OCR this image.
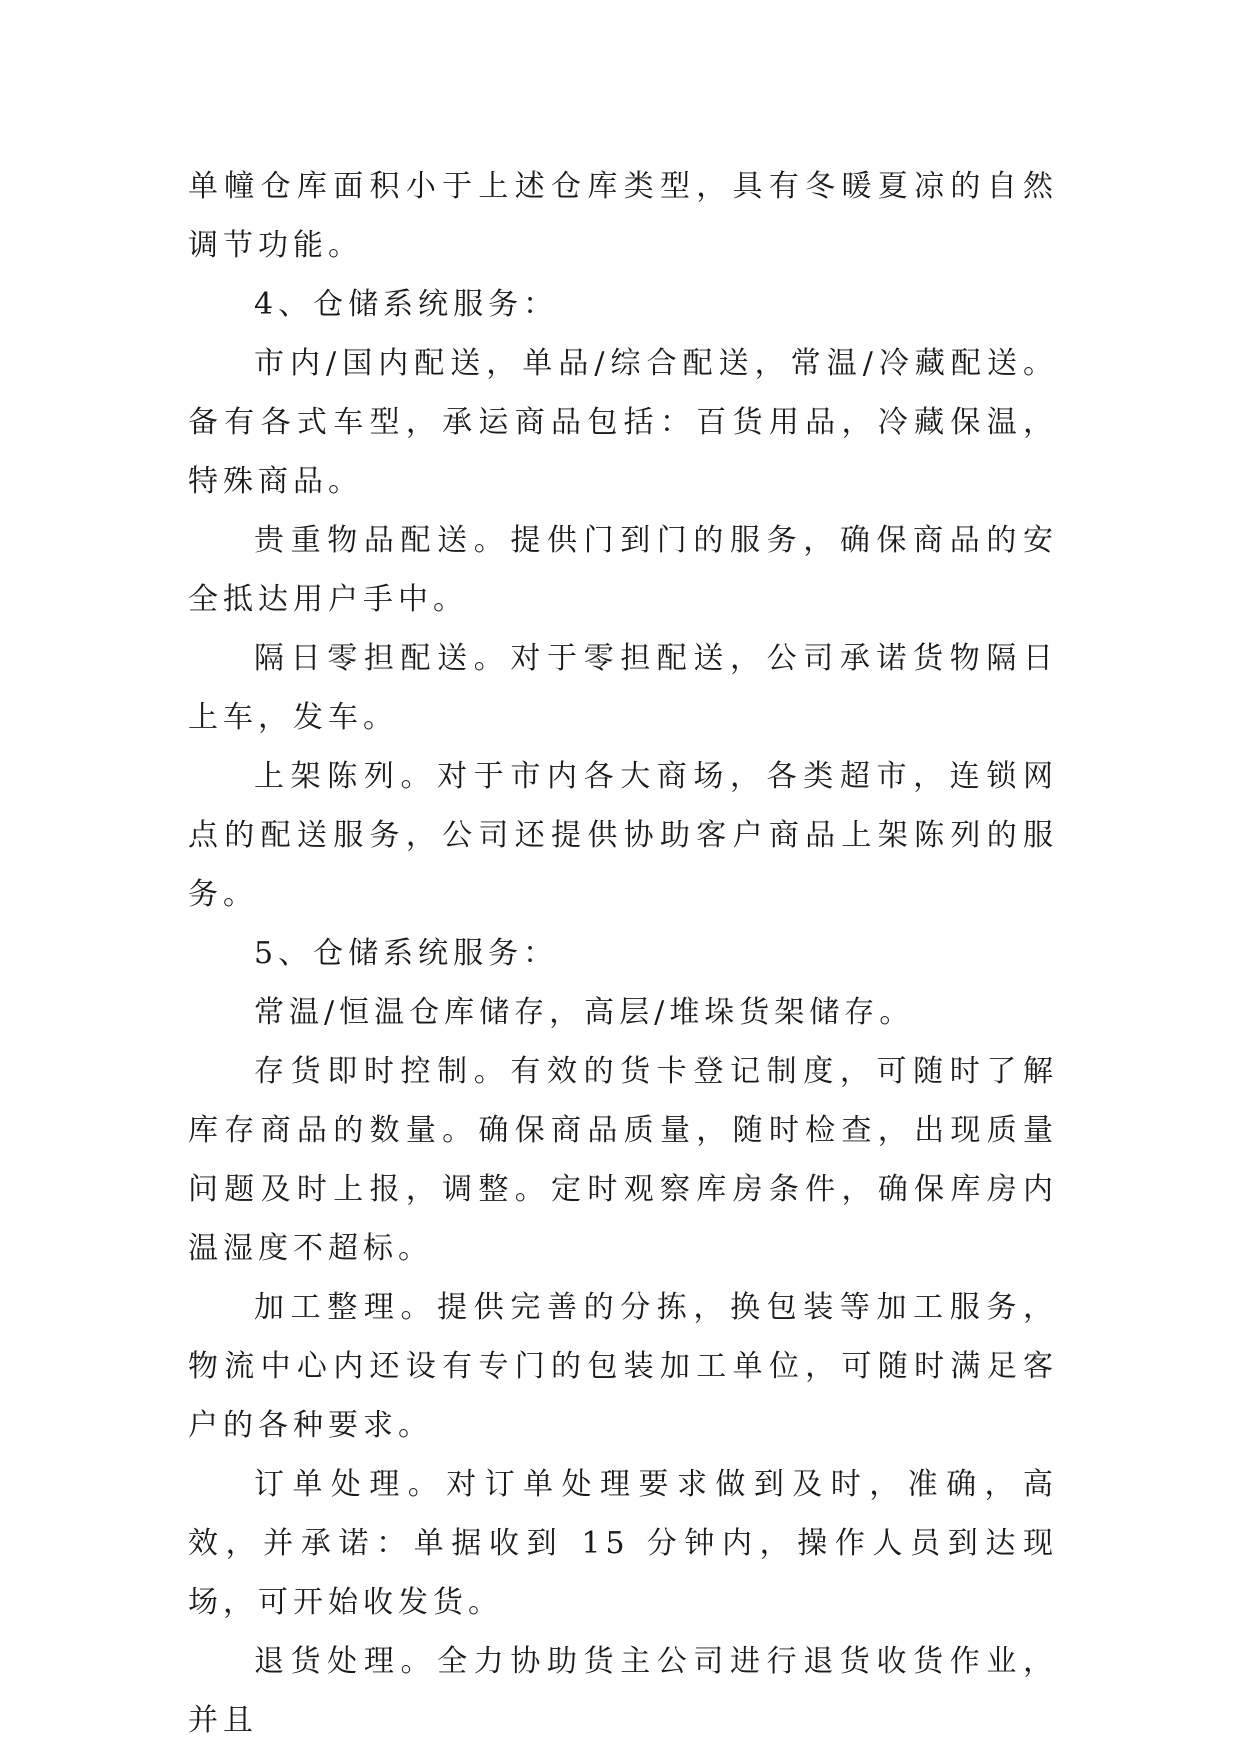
单幢仓库面积小于上述仓库类型，具有冬暖夏凉的自然调节功能。

4、仓储系统服务：

市内/国内配送，单品/综合配送，常温/冷藏配送。备有各式车型，承运商品包括：百货用品，冷藏保温，特殊商品。

贵重物品配送。提供门到门的服务，确保商品的安全抵达用户手中。

隔日零担配送。对于零担配送，公司承诺货物隔日上车，发车。

上架陈列。对于市内各大商场，各类超市，连锁网点的配送服务，公司还提供协助客户商品上架陈列的服务。

5、仓储系统服务：

常温/恒温仓库储存，高层/堆垛货架储存。

存货即时控制。有效的货卡登记制度，可随时了解库存商品的数量。确保商品质量，随时检查，出现质量问题及时上报，调整。定时观察库房条件，确保库房内温湿度不超标。

加工整理。提供完善的分拣，换包装等加工服务，物流中心内还设有专门的包装加工单位，可随时满足客户的各种要求。

订单处理。对订单处理要求做到及时，准确，高效，并承诺：单据收到 15 分钟内，操作人员到达现场，可开始收发货。

退货处理。全力协助货主公司进行退货收货作业，并且
